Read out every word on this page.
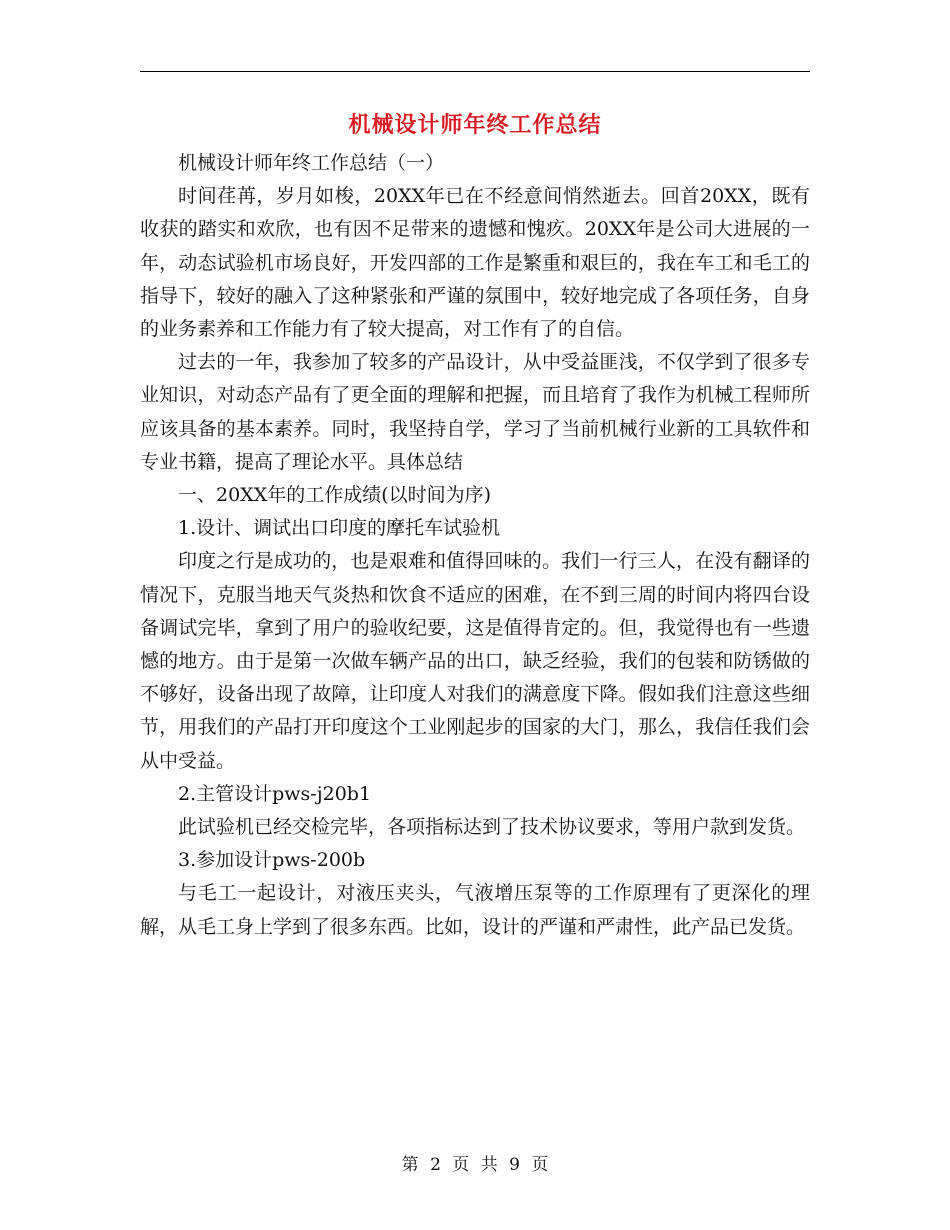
机械设计师年终工作总结

机械设计师年终工作总结（一）

时间荏苒，岁月如梭，20XX年已在不经意间悄然逝去。回首20XX，既有收获的踏实和欢欣，也有因不足带来的遗憾和愧疚。20XX年是公司大进展的一年，动态试验机市场良好，开发四部的工作是繁重和艰巨的，我在车工和毛工的指导下，较好的融入了这种紧张和严谨的氛围中，较好地完成了各项任务，自身的业务素养和工作能力有了较大提高，对工作有了的自信。

过去的一年，我参加了较多的产品设计，从中受益匪浅，不仅学到了很多专业知识，对动态产品有了更全面的理解和把握，而且培育了我作为机械工程师所应该具备的基本素养。同时，我坚持自学，学习了当前机械行业新的工具软件和专业书籍，提高了理论水平。具体总结

一、20XX年的工作成绩(以时间为序)

1.设计、调试出口印度的摩托车试验机

印度之行是成功的，也是艰难和值得回味的。我们一行三人，在没有翻译的情况下，克服当地天气炎热和饮食不适应的困难，在不到三周的时间内将四台设备调试完毕，拿到了用户的验收纪要，这是值得肯定的。但，我觉得也有一些遗憾的地方。由于是第一次做车辆产品的出口，缺乏经验，我们的包装和防锈做的不够好，设备出现了故障，让印度人对我们的满意度下降。假如我们注意这些细节，用我们的产品打开印度这个工业刚起步的国家的大门，那么，我信任我们会从中受益。

2.主管设计pws-j20b1

此试验机已经交检完毕，各项指标达到了技术协议要求，等用户款到发货。

3.参加设计pws-200b

与毛工一起设计，对液压夹头，气液增压泵等的工作原理有了更深化的理解，从毛工身上学到了很多东西。比如，设计的严谨和严肃性，此产品已发货。

第 2 页 共 9 页
